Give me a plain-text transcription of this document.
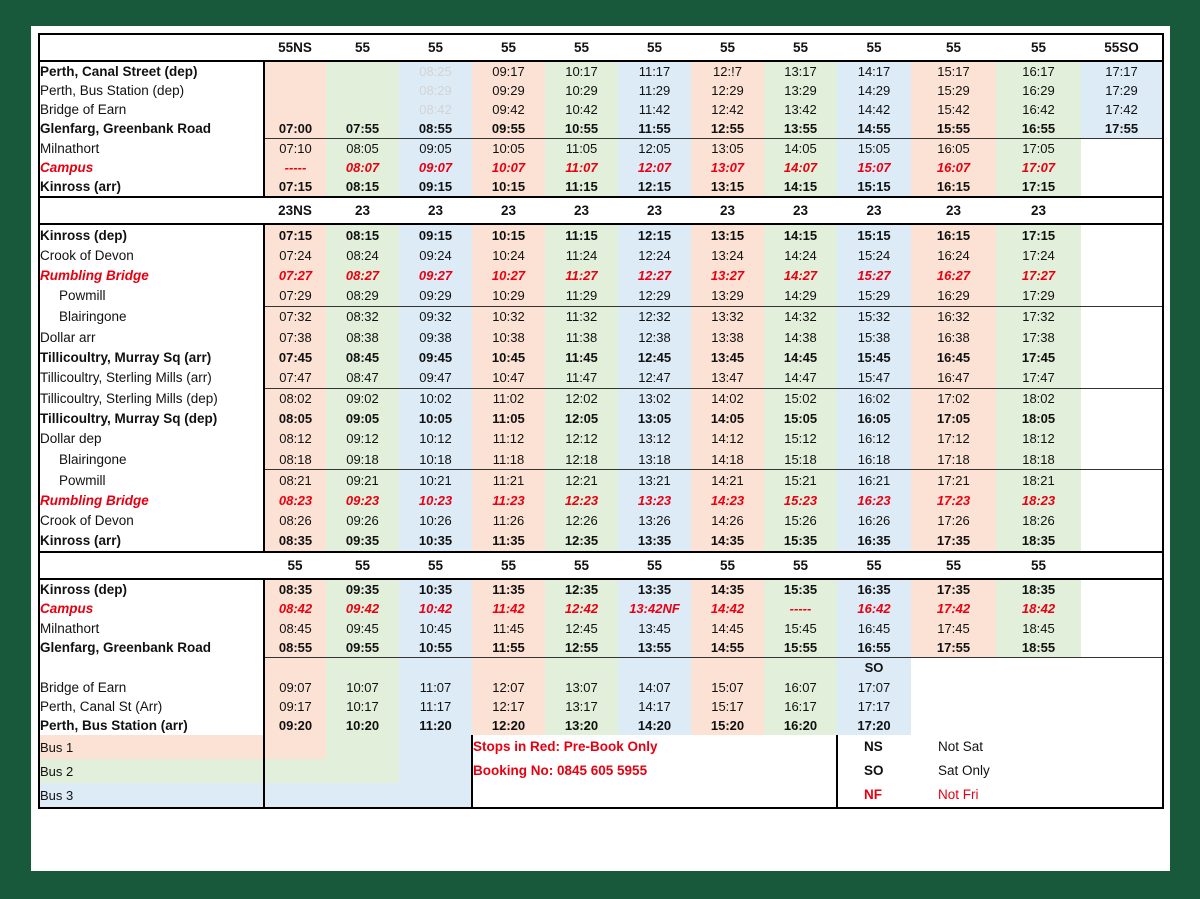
	55NS	55	55	55	55	55	55	55	55	55	55	55SO
Perth, Canal Street (dep)			08:25	09:17	10:17	11:17	12:!7	13:17	14:17	15:17	16:17	17:17
Perth, Bus Station (dep)			08:29	09:29	10:29	11:29	12:29	13:29	14:29	15:29	16:29	17:29
Bridge of Earn			08:42	09:42	10:42	11:42	12:42	13:42	14:42	15:42	16:42	17:42
Glenfarg, Greenbank Road	07:00	07:55	08:55	09:55	10:55	11:55	12:55	13:55	14:55	15:55	16:55	17:55
Milnathort	07:10	08:05	09:05	10:05	11:05	12:05	13:05	14:05	15:05	16:05	17:05	
Campus	-----	08:07	09:07	10:07	11:07	12:07	13:07	14:07	15:07	16:07	17:07	
Kinross (arr)	07:15	08:15	09:15	10:15	11:15	12:15	13:15	14:15	15:15	16:15	17:15	
	23NS	23	23	23	23	23	23	23	23	23	23	
Kinross (dep)	07:15	08:15	09:15	10:15	11:15	12:15	13:15	14:15	15:15	16:15	17:15	
Crook of Devon	07:24	08:24	09:24	10:24	11:24	12:24	13:24	14:24	15:24	16:24	17:24	
Rumbling Bridge	07:27	08:27	09:27	10:27	11:27	12:27	13:27	14:27	15:27	16:27	17:27	
Powmill	07:29	08:29	09:29	10:29	11:29	12:29	13:29	14:29	15:29	16:29	17:29	
Blairingone	07:32	08:32	09:32	10:32	11:32	12:32	13:32	14:32	15:32	16:32	17:32	
Dollar arr	07:38	08:38	09:38	10:38	11:38	12:38	13:38	14:38	15:38	16:38	17:38	
Tillicoultry, Murray Sq (arr)	07:45	08:45	09:45	10:45	11:45	12:45	13:45	14:45	15:45	16:45	17:45	
Tillicoultry, Sterling Mills (arr)	07:47	08:47	09:47	10:47	11:47	12:47	13:47	14:47	15:47	16:47	17:47	
Tillicoultry, Sterling Mills (dep)	08:02	09:02	10:02	11:02	12:02	13:02	14:02	15:02	16:02	17:02	18:02	
Tillicoultry, Murray Sq (dep)	08:05	09:05	10:05	11:05	12:05	13:05	14:05	15:05	16:05	17:05	18:05	
Dollar dep	08:12	09:12	10:12	11:12	12:12	13:12	14:12	15:12	16:12	17:12	18:12	
Blairingone	08:18	09:18	10:18	11:18	12:18	13:18	14:18	15:18	16:18	17:18	18:18	
Powmill	08:21	09:21	10:21	11:21	12:21	13:21	14:21	15:21	16:21	17:21	18:21	
Rumbling Bridge	08:23	09:23	10:23	11:23	12:23	13:23	14:23	15:23	16:23	17:23	18:23	
Crook of Devon	08:26	09:26	10:26	11:26	12:26	13:26	14:26	15:26	16:26	17:26	18:26	
Kinross (arr)	08:35	09:35	10:35	11:35	12:35	13:35	14:35	15:35	16:35	17:35	18:35	
	55	55	55	55	55	55	55	55	55	55	55	
Kinross (dep)	08:35	09:35	10:35	11:35	12:35	13:35	14:35	15:35	16:35	17:35	18:35	
Campus	08:42	09:42	10:42	11:42	12:42	13:42NF	14:42	-----	16:42	17:42	18:42	
Milnathort	08:45	09:45	10:45	11:45	12:45	13:45	14:45	15:45	16:45	17:45	18:45	
Glenfarg, Greenbank Road	08:55	09:55	10:55	11:55	12:55	13:55	14:55	15:55	16:55	17:55	18:55	
									SO			
Bridge of Earn	09:07	10:07	11:07	12:07	13:07	14:07	15:07	16:07	17:07			
Perth, Canal St (Arr)	09:17	10:17	11:17	12:17	13:17	14:17	15:17	16:17	17:17			
Perth, Bus Station (arr)	09:20	10:20	11:20	12:20	13:20	14:20	15:20	16:20	17:20			
Bus 1		Stops in Red: Pre-Book Only
Booking No: 0845 605 5955

NS	Not Sat
SO	Sat Only
NF	Not Fri

Bus 2												

Bus 3												
